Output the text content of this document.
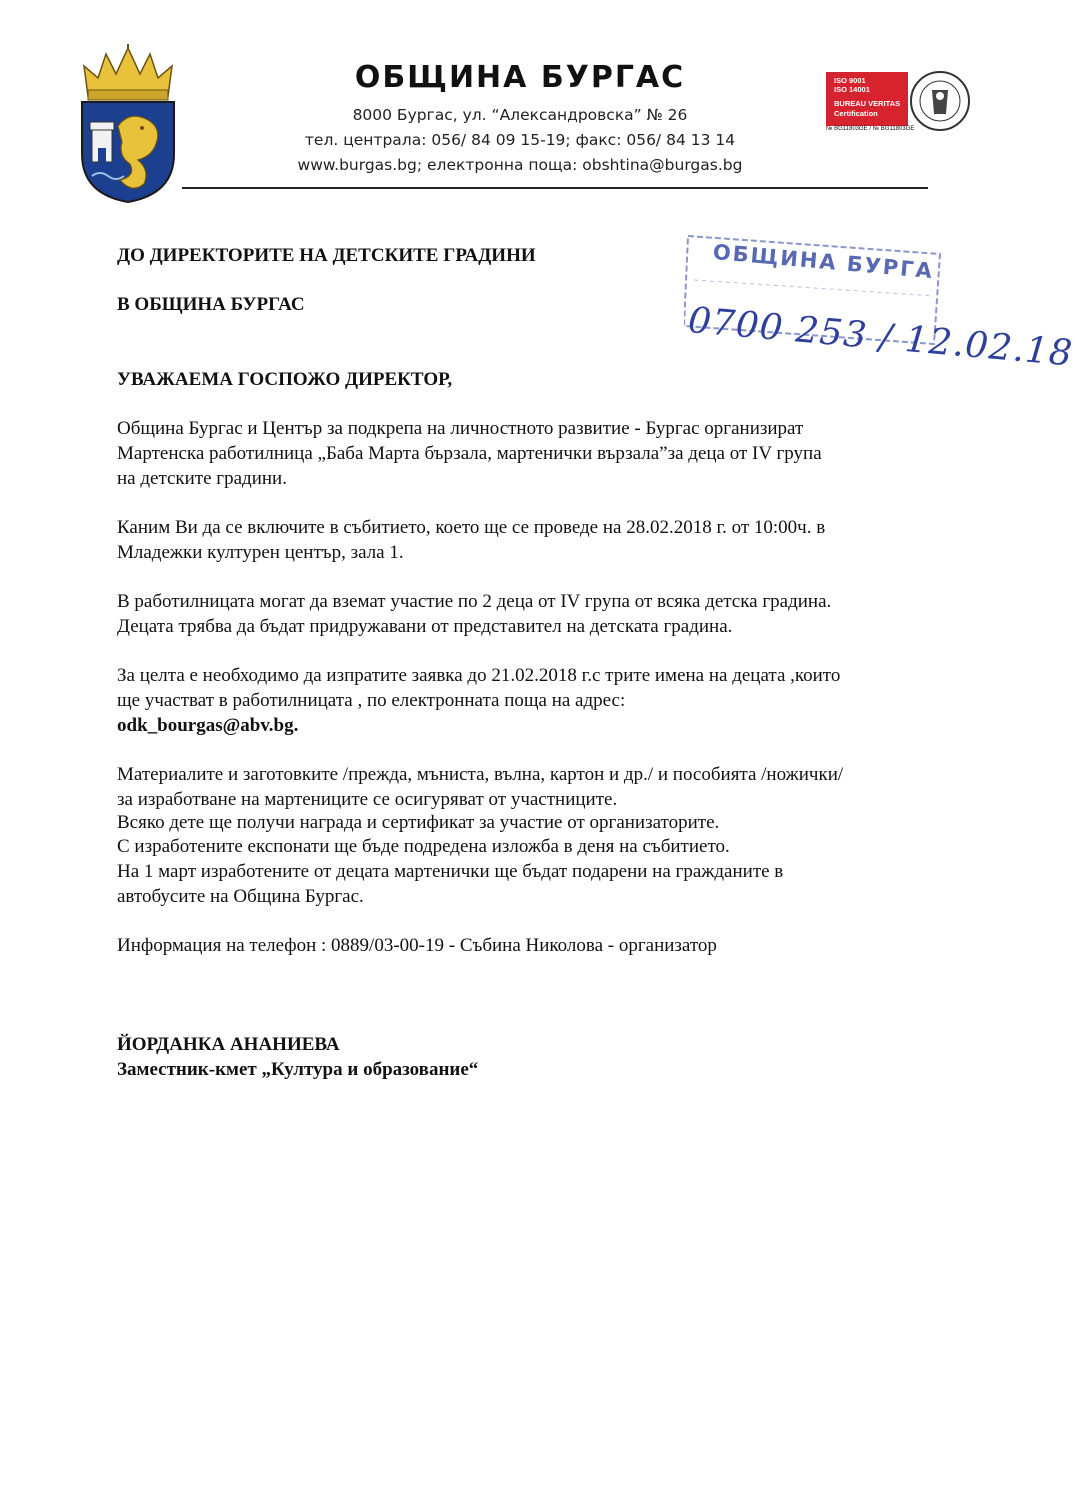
ОБЩИНА БУРГАС
8000 Бургас, ул. “Александровска” № 26
тел. централа: 056/ 84 09 15-19; факс: 056/ 84 13 14
www.burgas.bg; електронна поща: obshtina@burgas.bg
ISO 9001
ISO 14001
BUREAU VERITAS
Certification
№ BG11803GE / № BG11803GE
ОБЩИНА БУРГА
0700 253 / 12.02.18
ДО ДИРЕКТОРИТЕ НА ДЕТСКИТЕ ГРАДИНИ
В ОБЩИНА БУРГАС
УВАЖАЕМА ГОСПОЖО ДИРЕКТОР,
Община Бургас и Център за подкрепа на личностното развитие - Бургас организират
Мартенска работилница „Баба Марта бързала, мартенички вързала”за деца от IV група
на детските градини.
Каним Ви да се включите в събитието, което ще се проведе на 28.02.2018 г. от 10:00ч. в
Младежки културен център, зала 1.
В работилницата могат да вземат участие по 2 деца от IV група от всяка детска градина.
Децата трябва да бъдат придружавани от представител на детската градина.
За целта е необходимо да изпратите заявка до 21.02.2018 г.с трите имена на децата ,които
ще участват в работилницата , по електронната поща на адрес:
odk_bourgas@abv.bg.
Материалите и заготовките /прежда, мъниста, вълна, картон и др./ и пособията /ножички/
за изработване на мартениците се осигуряват от участниците.
Всяко дете ще получи награда и сертификат за участие от организаторите.
С изработените експонати ще бъде подредена изложба в деня на събитието.
На 1 март изработените от децата мартенички ще бъдат подарени на гражданите в
автобусите на Община Бургас.
Информация на телефон : 0889/03-00-19 - Събина Николова - организатор
ЙОРДАНКА АНАНИЕВА
Заместник-кмет „Култура и образование“
